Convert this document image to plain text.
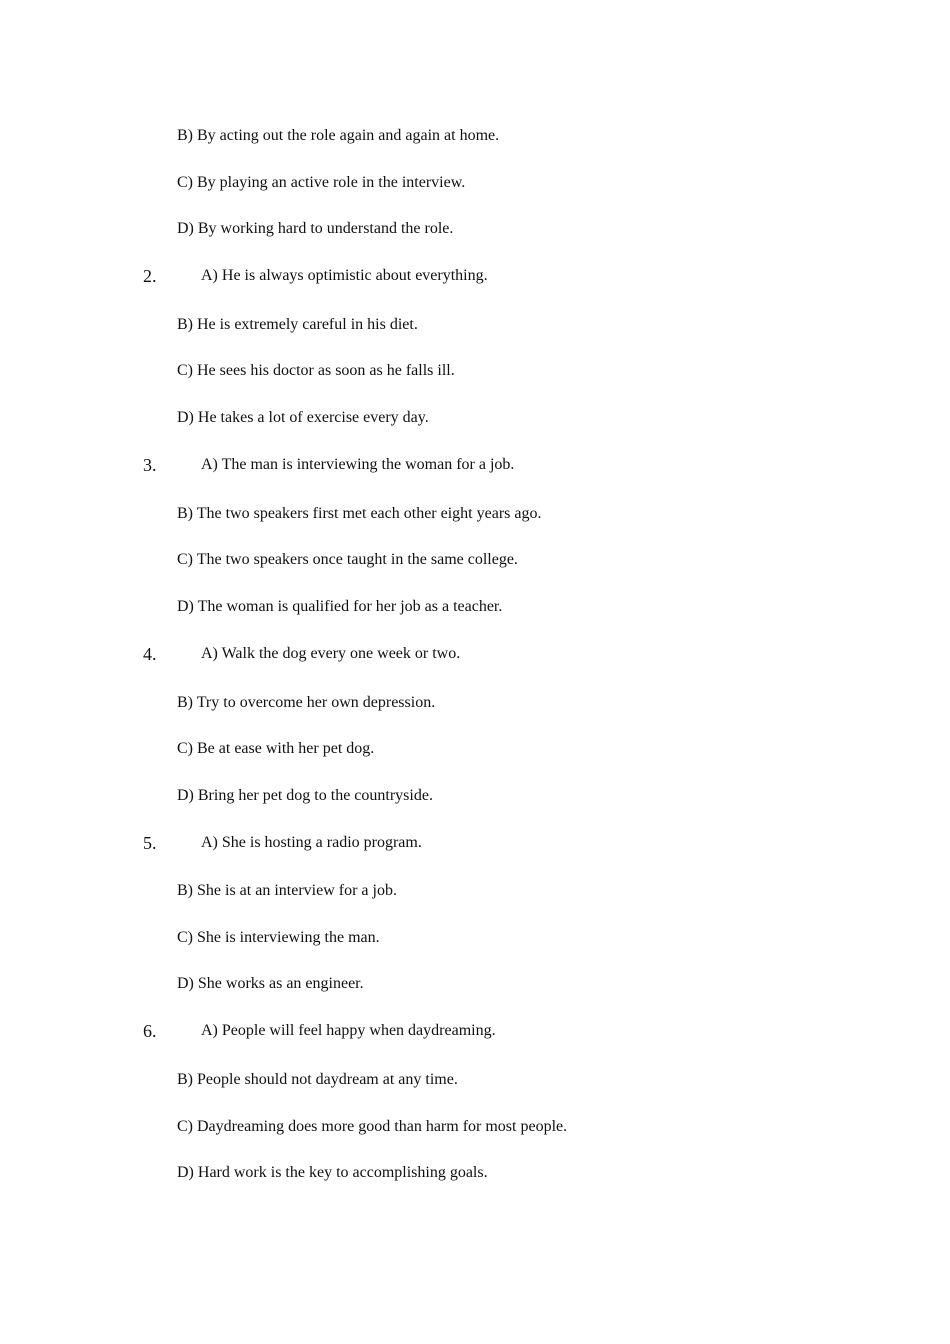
B) By acting out the role again and again at home.
C) By playing an active role in the interview.
D) By working hard to understand the role.
2.	A) He is always optimistic about everything.
B) He is extremely careful in his diet.
C) He sees his doctor as soon as he falls ill.
D) He takes a lot of exercise every day.
3.	A) The man is interviewing the woman for a job.
B) The two speakers first met each other eight years ago.
C) The two speakers once taught in the same college.
D) The woman is qualified for her job as a teacher.
4.	A) Walk the dog every one week or two.
B) Try to overcome her own depression.
C) Be at ease with her pet dog.
D) Bring her pet dog to the countryside.
5.	A) She is hosting a radio program.
B) She is at an interview for a job.
C) She is interviewing the man.
D) She works as an engineer.
6.	A) People will feel happy when daydreaming.
B) People should not daydream at any time.
C) Daydreaming does more good than harm for most people.
D) Hard work is the key to accomplishing goals.
